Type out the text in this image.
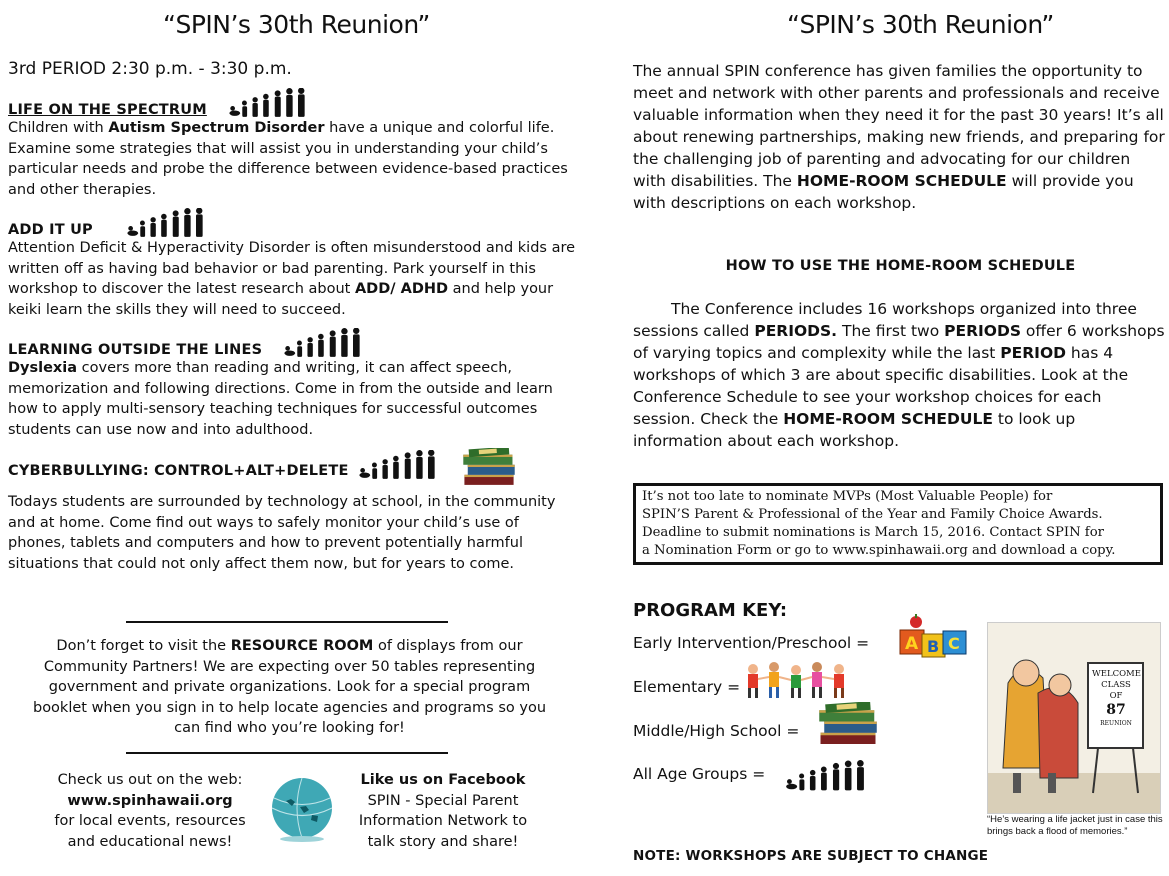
“SPIN’s 30th Reunion”
3rd PERIOD 2:30 p.m. - 3:30 p.m.
LIFE ON THE SPECTRUM
Children with Autism Spectrum Disorder have a unique and colorful life. Examine some strategies that will assist you in understanding your child’s particular needs and probe the difference between evidence-based practices and other therapies.
ADD IT UP
Attention Deficit & Hyperactivity Disorder is often misunderstood and kids are written off as having bad behavior or bad parenting. Park yourself in this workshop to discover the latest research about ADD/ ADHD and help your keiki learn the skills they will need to succeed.
LEARNING OUTSIDE THE LINES
Dyslexia covers more than reading and writing, it can affect speech, memorization and following directions. Come in from the outside and learn how to apply multi-sensory teaching techniques for successful outcomes students can use now and into adulthood.
CYBERBULLYING: CONTROL+ALT+DELETE
Todays students are surrounded by technology at school, in the community and at home. Come find out ways to safely monitor your child’s use of phones, tablets and computers and how to prevent potentially harmful situations that could not only affect them now, but for years to come.
Don’t forget to visit the RESOURCE ROOM of displays from our Community Partners! We are expecting over 50 tables representing government and private organizations. Look for a special program booklet when you sign in to help locate agencies and programs so you can find who you’re looking for!
Check us out on the web:
www.spinhawaii.org
for local events, resources
and educational news!
Like us on Facebook
SPIN - Special Parent
Information Network to
talk story and share!
“SPIN’s 30th Reunion”
The annual SPIN conference has given families the opportunity to meet and network with other parents and professionals and receive valuable information when they need it for the past 30 years! It’s all about renewing partnerships, making new friends, and preparing for the challenging job of parenting and advocating for our children with disabilities. The HOME-ROOM SCHEDULE will provide you with descriptions on each workshop.
HOW TO USE THE HOME-ROOM SCHEDULE
The Conference includes 16 workshops organized into three sessions called PERIODS. The first two PERIODS offer 6 workshops of varying topics and complexity while the last PERIOD has 4 workshops of which 3 are about specific disabilities. Look at the Conference Schedule to see your workshop choices for each session. Check the HOME-ROOM SCHEDULE to look up information about each workshop.
It’s not too late to nominate MVPs (Most Valuable People) for
SPIN’S Parent & Professional of the Year and Family Choice Awards.
Deadline to submit nominations is March 15, 2016. Contact SPIN for
a Nomination Form or go to www.spinhawaii.org and download a copy.
PROGRAM KEY:
Early Intervention/Preschool = A B C
Elementary =
Middle/High School =
All Age Groups =
WELCOME
CLASS
OF
87
REUNION
“He’s wearing a life jacket just in case this brings back a flood of memories.”
NOTE: WORKSHOPS ARE SUBJECT TO CHANGE
